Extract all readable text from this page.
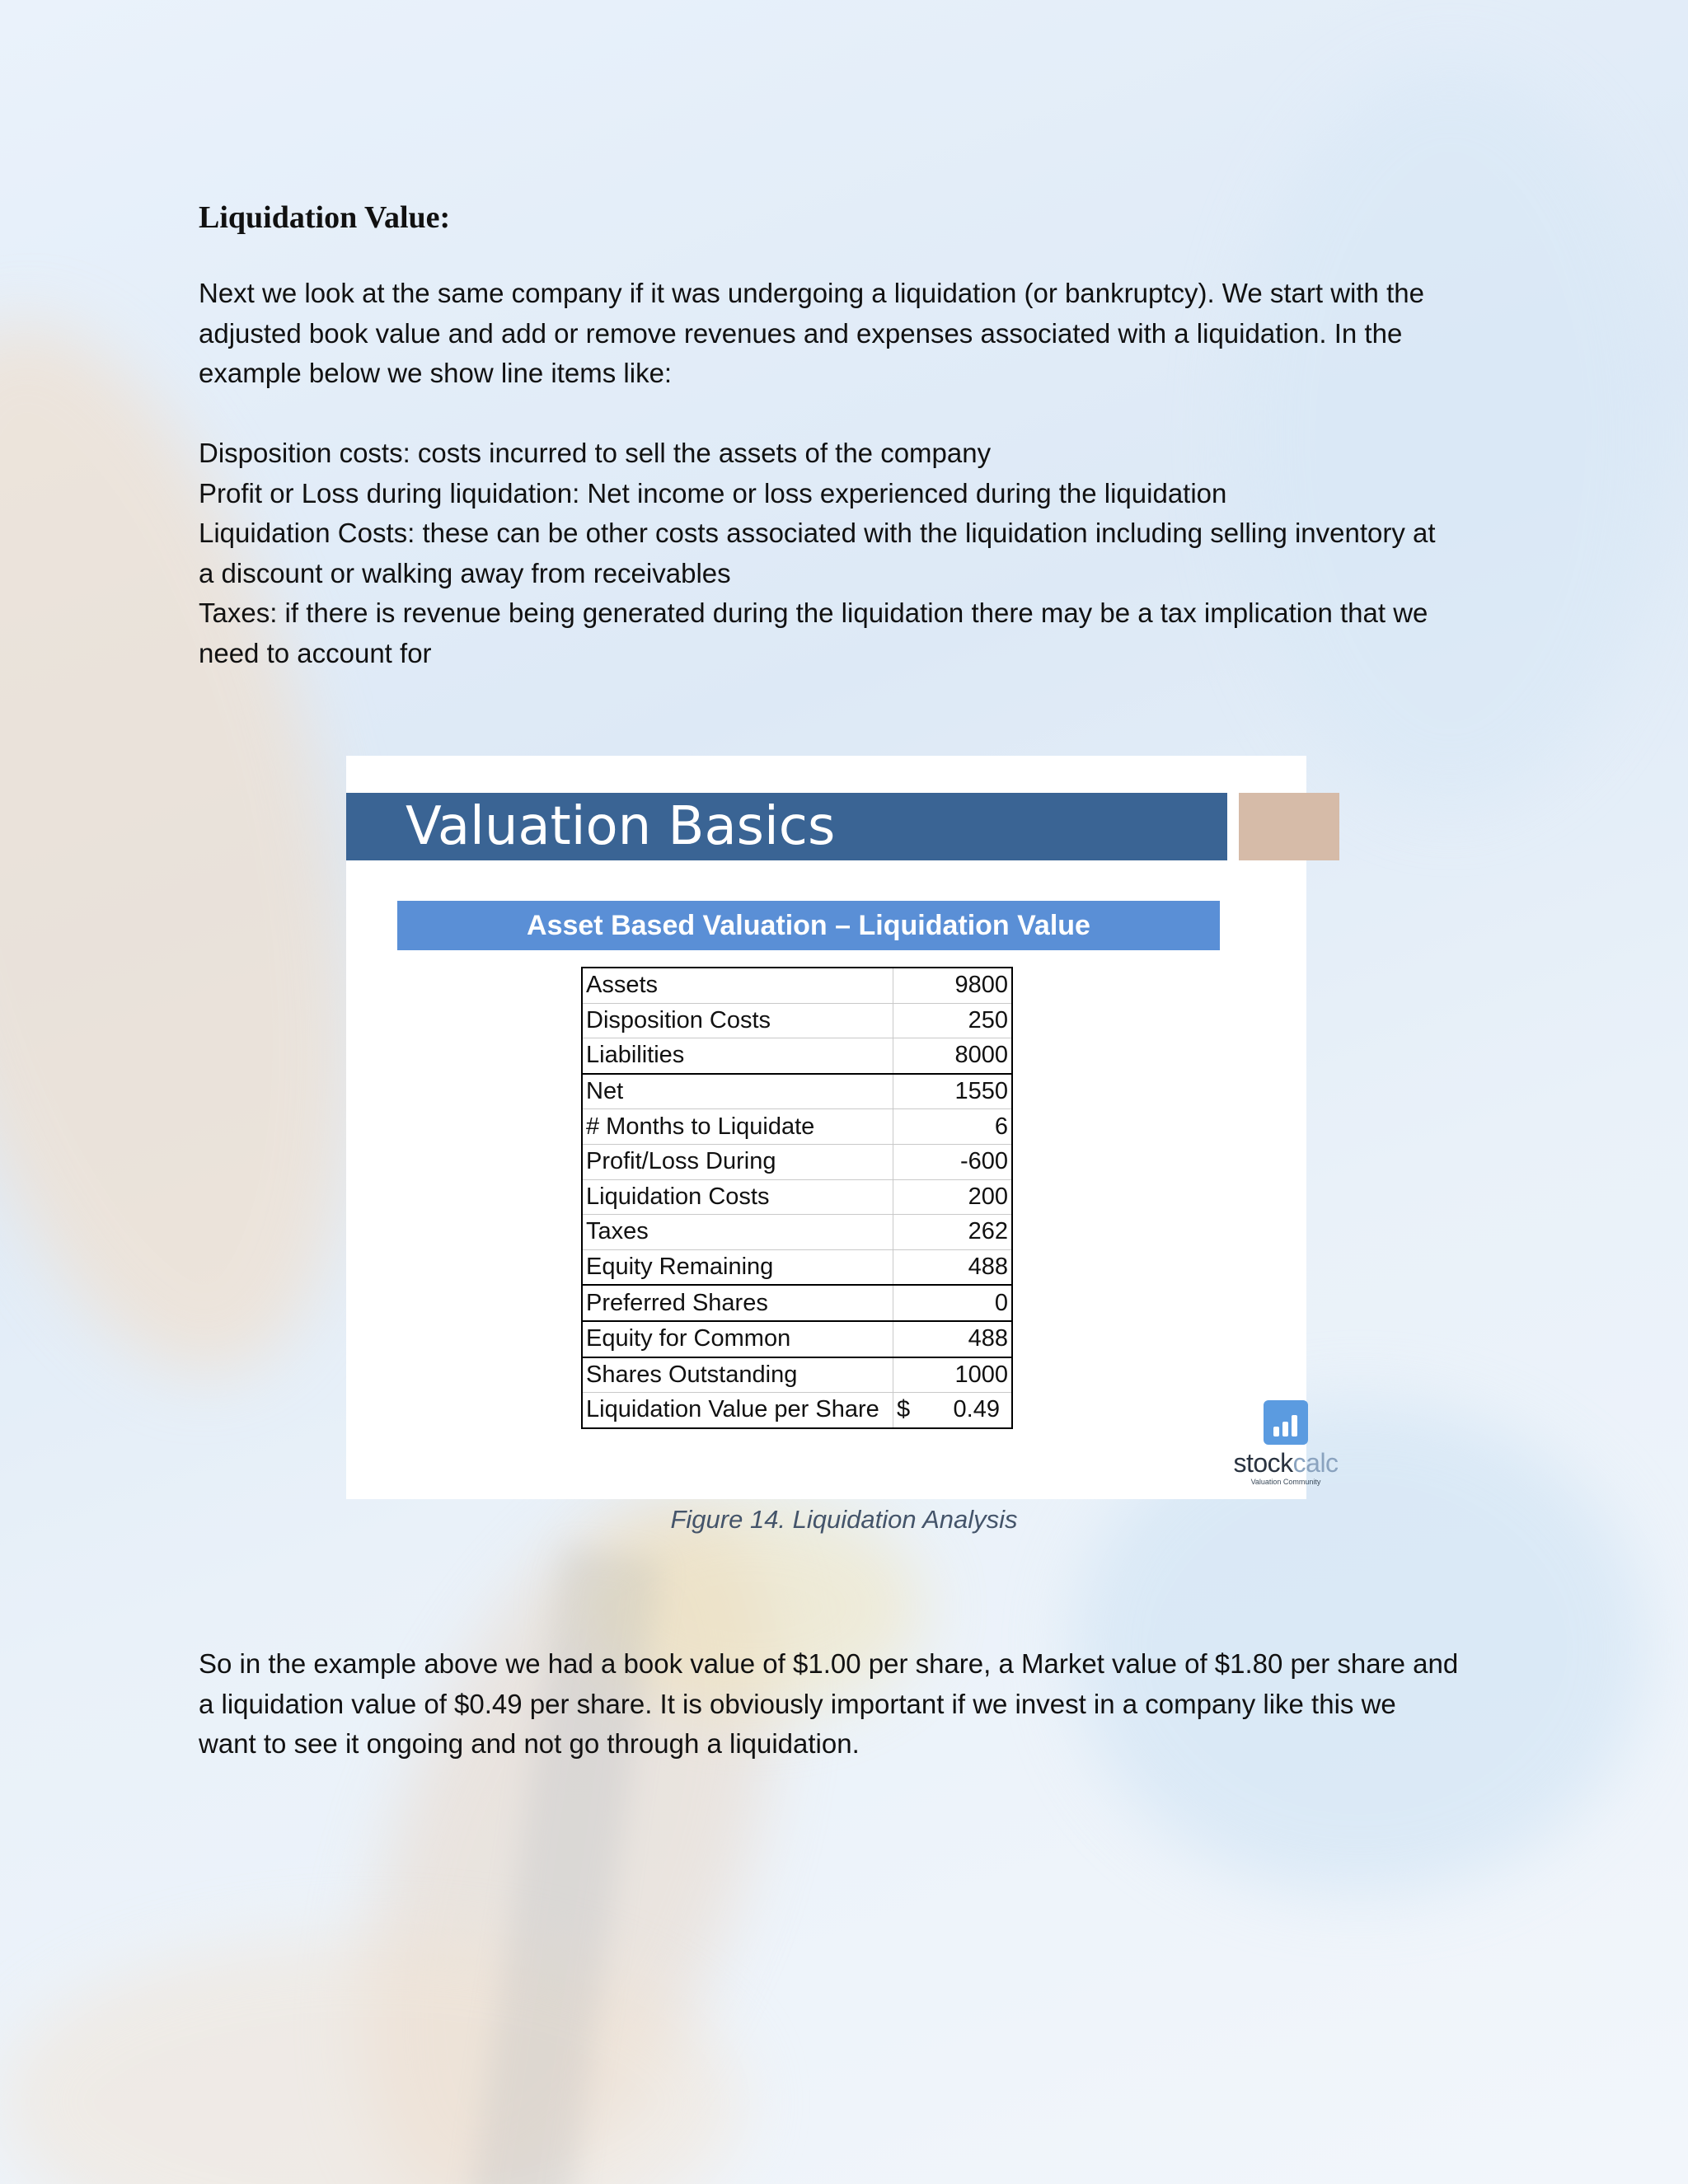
Liquidation Value:
Next we look at the same company if it was undergoing a liquidation (or bankruptcy). We start with the
adjusted book value and add or remove revenues and expenses associated with a liquidation. In the
example below we show line items like:
Disposition costs: costs incurred to sell the assets of the company
Profit or Loss during liquidation: Net income or loss experienced during the liquidation
Liquidation Costs: these can be other costs associated with the liquidation including selling inventory at
a discount or walking away from receivables
Taxes: if there is revenue being generated during the liquidation there may be a tax implication that we
need to account for
Valuation Basics
Asset Based Valuation – Liquidation Value
Assets	9800
Disposition Costs	250
Liabilities	8000
Net	1550
# Months to Liquidate	6
Profit/Loss During	-600
Liquidation Costs	200
Taxes	262
Equity Remaining	488
Preferred Shares	0
Equity for Common	488
Shares Outstanding	1000
Liquidation Value per Share	$ 0.49
stockcalc
Valuation Community
Figure 14. Liquidation Analysis
So in the example above we had a book value of $1.00 per share, a Market value of $1.80 per share and
a liquidation value of $0.49 per share. It is obviously important if we invest in a company like this we
want to see it ongoing and not go through a liquidation.
